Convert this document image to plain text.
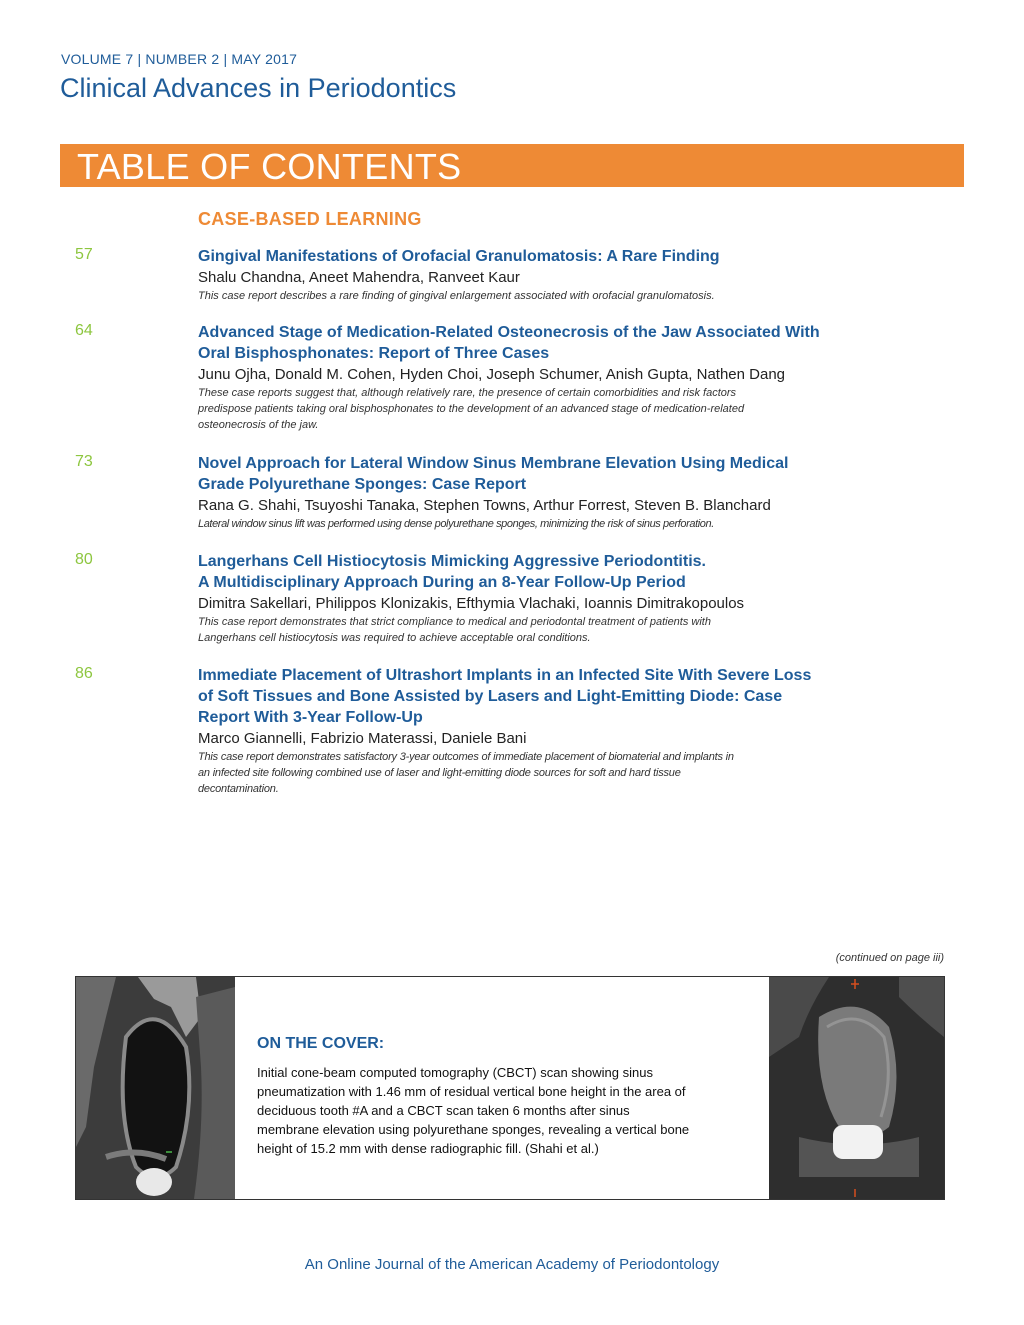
VOLUME 7 | NUMBER 2 | MAY 2017
Clinical Advances in Periodontics
TABLE OF CONTENTS
CASE-BASED LEARNING
57	Gingival Manifestations of Orofacial Granulomatosis: A Rare Finding
Shalu Chandna, Aneet Mahendra, Ranveet Kaur
This case report describes a rare finding of gingival enlargement associated with orofacial granulomatosis.
64	Advanced Stage of Medication-Related Osteonecrosis of the Jaw Associated With
Oral Bisphosphonates: Report of Three Cases
Junu Ojha, Donald M. Cohen, Hyden Choi, Joseph Schumer, Anish Gupta, Nathen Dang
These case reports suggest that, although relatively rare, the presence of certain comorbidities and risk factors
predispose patients taking oral bisphosphonates to the development of an advanced stage of medication-related
osteonecrosis of the jaw.
73	Novel Approach for Lateral Window Sinus Membrane Elevation Using Medical
Grade Polyurethane Sponges: Case Report
Rana G. Shahi, Tsuyoshi Tanaka, Stephen Towns, Arthur Forrest, Steven B. Blanchard
Lateral window sinus lift was performed using dense polyurethane sponges, minimizing the risk of sinus perforation.
80	Langerhans Cell Histiocytosis Mimicking Aggressive Periodontitis.
A Multidisciplinary Approach During an 8-Year Follow-Up Period
Dimitra Sakellari, Philippos Klonizakis, Efthymia Vlachaki, Ioannis Dimitrakopoulos
This case report demonstrates that strict compliance to medical and periodontal treatment of patients with
Langerhans cell histiocytosis was required to achieve acceptable oral conditions.
86	Immediate Placement of Ultrashort Implants in an Infected Site With Severe Loss
of Soft Tissues and Bone Assisted by Lasers and Light-Emitting Diode: Case
Report With 3-Year Follow-Up
Marco Giannelli, Fabrizio Materassi, Daniele Bani
This case report demonstrates satisfactory 3-year outcomes of immediate placement of biomaterial and implants in
an infected site following combined use of laser and light-emitting diode sources for soft and hard tissue
decontamination.
(continued on page iii)
ON THE COVER:
Initial cone-beam computed tomography (CBCT) scan showing sinus
pneumatization with 1.46 mm of residual vertical bone height in the area of
deciduous tooth #A and a CBCT scan taken 6 months after sinus
membrane elevation using polyurethane sponges, revealing a vertical bone
height of 15.2 mm with dense radiographic fill. (Shahi et al.)
An Online Journal of the American Academy of Periodontology
